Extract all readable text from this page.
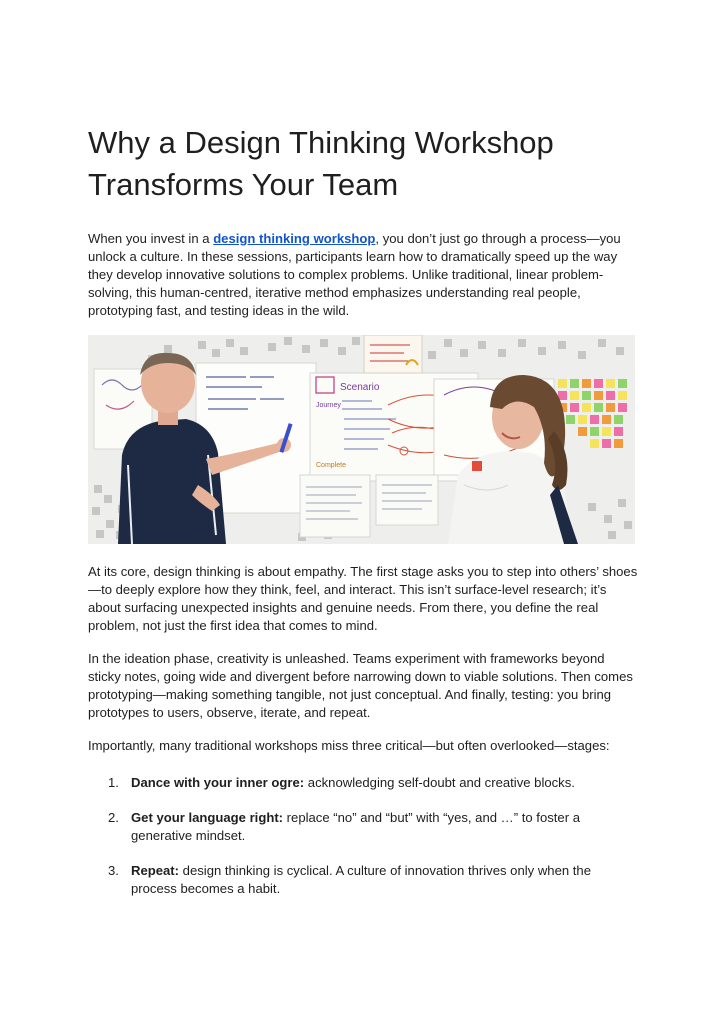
Why a Design Thinking Workshop Transforms Your Team

When you invest in a design thinking workshop, you don’t just go through a process—you unlock a culture. In these sessions, participants learn how to dramatically speed up the way they develop innovative solutions to complex problems. Unlike traditional, linear problem-solving, this human-centred, iterative method emphasizes understanding real people, prototyping fast, and testing ideas in the wild.

Scenario
Journey
Complete

At its core, design thinking is about empathy. The first stage asks you to step into others’ shoes—to deeply explore how they think, feel, and interact. This isn’t surface-level research; it’s about surfacing unexpected insights and genuine needs. From there, you define the real problem, not just the first idea that comes to mind.

In the ideation phase, creativity is unleashed. Teams experiment with frameworks beyond sticky notes, going wide and divergent before narrowing down to viable solutions. Then comes prototyping—making something tangible, not just conceptual. And finally, testing: you bring prototypes to users, observe, iterate, and repeat.

Importantly, many traditional workshops miss three critical—but often overlooked—stages:

1. Dance with your inner ogre: acknowledging self-doubt and creative blocks.
2. Get your language right: replace “no” and “but” with “yes, and …” to foster a generative mindset.
3. Repeat: design thinking is cyclical. A culture of innovation thrives only when the process becomes a habit.
